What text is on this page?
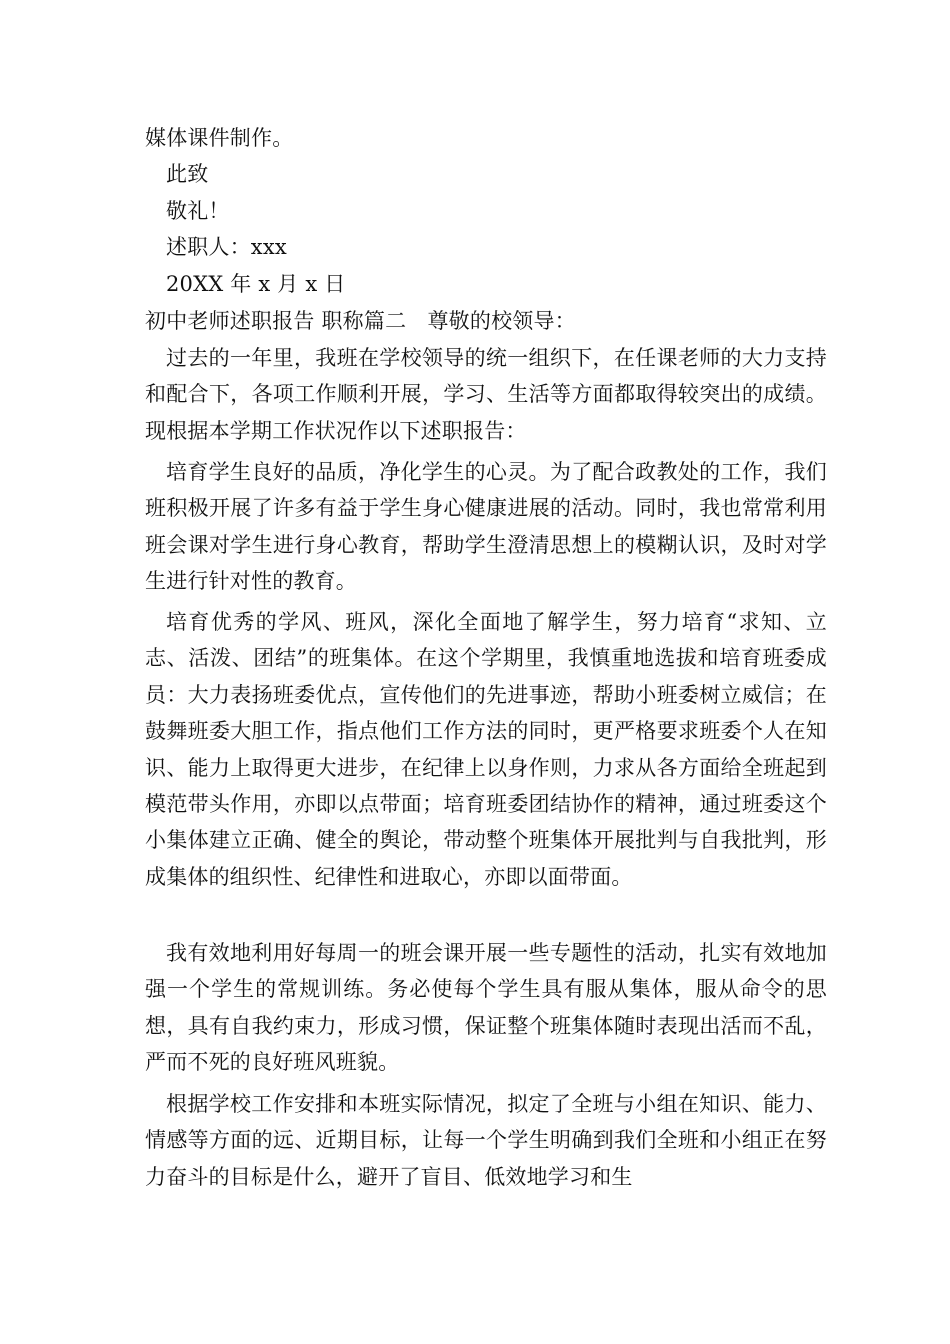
媒体课件制作。
此致
敬礼！
述职人：xxx
20XX 年 x 月 x 日
初中老师述职报告 职称篇二　尊敬的校领导：
过去的一年里，我班在学校领导的统一组织下，在任课老师的大力支持和配合下，各项工作顺利开展，学习、生活等方面都取得较突出的成绩。现根据本学期工作状况作以下述职报告：
培育学生良好的品质，净化学生的心灵。为了配合政教处的工作，我们班积极开展了许多有益于学生身心健康进展的活动。同时，我也常常利用班会课对学生进行身心教育，帮助学生澄清思想上的模糊认识，及时对学生进行针对性的教育。
培育优秀的学风、班风，深化全面地了解学生，努力培育“求知、立志、活泼、团结”的班集体。在这个学期里，我慎重地选拔和培育班委成员：大力表扬班委优点，宣传他们的先进事迹，帮助小班委树立威信；在鼓舞班委大胆工作，指点他们工作方法的同时，更严格要求班委个人在知识、能力上取得更大进步，在纪律上以身作则，力求从各方面给全班起到模范带头作用，亦即以点带面；培育班委团结协作的精神，通过班委这个小集体建立正确、健全的舆论，带动整个班集体开展批判与自我批判，形成集体的组织性、纪律性和进取心，亦即以面带面。
我有效地利用好每周一的班会课开展一些专题性的活动，扎实有效地加强一个学生的常规训练。务必使每个学生具有服从集体，服从命令的思想，具有自我约束力，形成习惯，保证整个班集体随时表现出活而不乱，严而不死的良好班风班貌。
根据学校工作安排和本班实际情况，拟定了全班与小组在知识、能力、情感等方面的远、近期目标，让每一个学生明确到我们全班和小组正在努力奋斗的目标是什么，避开了盲目、低效地学习和生
